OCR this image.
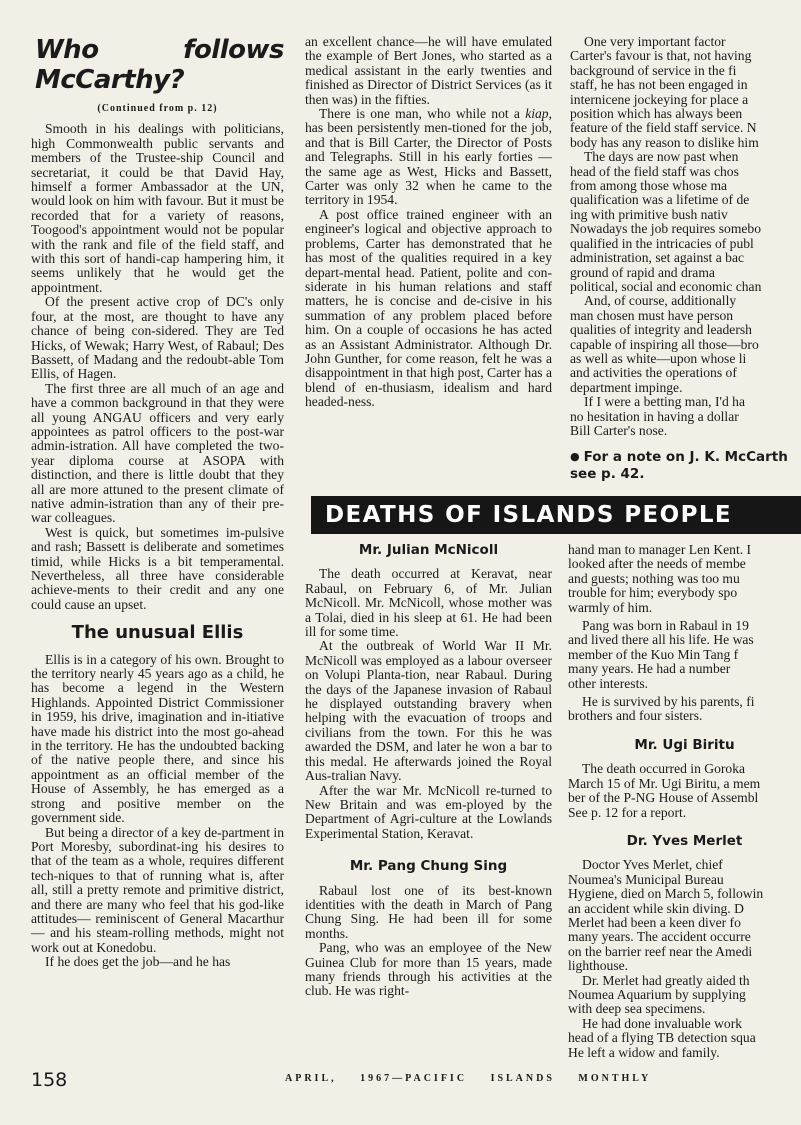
Who follows McCarthy?
(Continued from p. 12)

Smooth in his dealings with politicians, high Commonwealth public servants and members of the Trustee-ship Council and secretariat, it could be that David Hay, himself a former Ambassador at the UN, would look on him with favour. But it must be recorded that for a variety of reasons, Toogood's appointment would not be popular with the rank and file of the field staff, and with this sort of handi-cap hampering him, it seems unlikely that he would get the appointment.

Of the present active crop of DC's only four, at the most, are thought to have any chance of being con-sidered. They are Ted Hicks, of Wewak; Harry West, of Rabaul; Des Bassett, of Madang and the redoubt-able Tom Ellis, of Hagen.

The first three are all much of an age and have a common background in that they were all young ANGAU officers and very early appointees as patrol officers to the post-war admin-istration. All have completed the two-year diploma course at ASOPA with distinction, and there is little doubt that they all are more attuned to the present climate of native admin-istration than any of their pre-war colleagues.

West is quick, but sometimes im-pulsive and rash; Bassett is deliberate and sometimes timid, while Hicks is a bit temperamental. Nevertheless, all three have considerable achieve-ments to their credit and any one could cause an upset.

The unusual Ellis

Ellis is in a category of his own. Brought to the territory nearly 45 years ago as a child, he has become a legend in the Western Highlands. Appointed District Commissioner in 1959, his drive, imagination and in-itiative have made his district into the most go-ahead in the territory. He has the undoubted backing of the native people there, and since his appointment as an official member of the House of Assembly, he has emerged as a strong and positive member on the government side.

But being a director of a key de-partment in Port Moresby, subordinat-ing his desires to that of the team as a whole, requires different tech-niques to that of running what is, after all, still a pretty remote and primitive district, and there are many who feel that his god-like attitudes— reminiscent of General Macarthur— and his steam-rolling methods, might not work out at Konedobu.

If he does get the job—and he has

an excellent chance—he will have emulated the example of Bert Jones, who started as a medical assistant in the early twenties and finished as Director of District Services (as it then was) in the fifties.

There is one man, who while not a kiap, has been persistently men-tioned for the job, and that is Bill Carter, the Director of Posts and Telegraphs. Still in his early forties —the same age as West, Hicks and Bassett, Carter was only 32 when he came to the territory in 1954.

A post office trained engineer with an engineer's logical and objective approach to problems, Carter has demonstrated that he has most of the qualities required in a key depart-mental head. Patient, polite and con-siderate in his human relations and staff matters, he is concise and de-cisive in his summation of any problem placed before him. On a couple of occasions he has acted as an Assistant Administrator. Although Dr. John Gunther, for come reason, felt he was a disappointment in that high post, Carter has a blend of en-thusiasm, idealism and hard headed-ness.

One very important factor

Carter's favour is that, not having

background of service in the fi

staff, he has not been engaged in

internicene jockeying for place a

position which has always been

feature of the field staff service. N

body has any reason to dislike him

The days are now past when

head of the field staff was chos

from among those whose ma

qualification was a lifetime of de

ing with primitive bush nativ

Nowadays the job requires somebo

qualified in the intricacies of publ

administration, set against a bac

ground of rapid and drama

political, social and economic chan

And, of course, additionally

man chosen must have person

qualities of integrity and leadersh

capable of inspiring all those—bro

as well as white—upon whose li

and activities the operations of

department impinge.

If I were a betting man, I'd ha

no hesitation in having a dollar

Bill Carter's nose.

● For a note on J. K. McCarth
see p. 42.
DEATHS OF ISLANDS PEOPLE
Mr. Julian McNicoll

The death occurred at Keravat, near Rabaul, on February 6, of Mr. Julian McNicoll. Mr. McNicoll, whose mother was a Tolai, died in his sleep at 61. He had been ill for some time.

At the outbreak of World War II Mr. McNicoll was employed as a labour overseer on Volupi Planta-tion, near Rabaul. During the days of the Japanese invasion of Rabaul he displayed outstanding bravery when helping with the evacuation of troops and civilians from the town. For this he was awarded the DSM, and later he won a bar to this medal. He afterwards joined the Royal Aus-tralian Navy.

After the war Mr. McNicoll re-turned to New Britain and was em-ployed by the Department of Agri-culture at the Lowlands Experimental Station, Keravat.

Mr. Pang Chung Sing

Rabaul lost one of its best-known identities with the death in March of Pang Chung Sing. He had been ill for some months.

Pang, who was an employee of the New Guinea Club for more than 15 years, made many friends through his activities at the club. He was right-

hand man to manager Len Kent. I

looked after the needs of membe

and guests; nothing was too mu

trouble for him; everybody spo

warmly of him.

Pang was born in Rabaul in 19

and lived there all his life. He was

member of the Kuo Min Tang f

many years. He had a number

other interests.

He is survived by his parents, fi

brothers and four sisters.

Mr. Ugi Biritu

The death occurred in Goroka

March 15 of Mr. Ugi Biritu, a mem

ber of the P-NG House of Assembl

See p. 12 for a report.

Dr. Yves Merlet

Doctor Yves Merlet, chief

Noumea's Municipal Bureau

Hygiene, died on March 5, followin

an accident while skin diving. D

Merlet had been a keen diver fo

many years. The accident occurre

on the barrier reef near the Amedi

lighthouse.

Dr. Merlet had greatly aided th

Noumea Aquarium by supplying

with deep sea specimens.

He had done invaluable work

head of a flying TB detection squa

He left a widow and family.

158	APRIL, 1967—PACIFIC ISLANDS MONTHLY
